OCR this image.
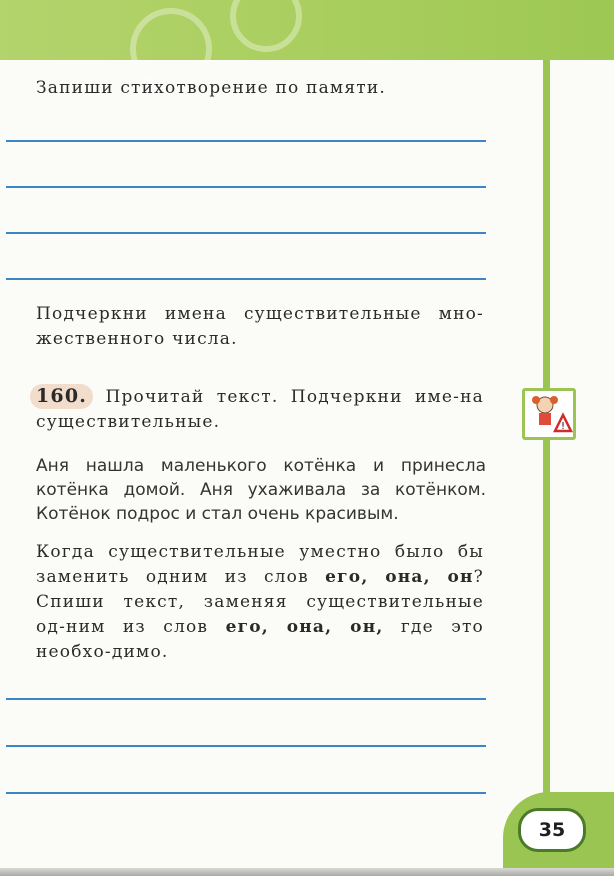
Запиши стихотворение по памяти.
Подчеркни имена существительные мно-жественного числа.
160. Прочитай текст. Подчеркни име-на существительные.	!
Аня нашла маленького котёнка и принесла котёнка домой. Аня ухаживала за котёнком. Котёнок подрос и стал очень красивым.
Когда существительные уместно было бы заменить одним из слов его, она, он? Спиши текст, заменяя существительные од-ним из слов его, она, он, где это необхо-димо.
35
